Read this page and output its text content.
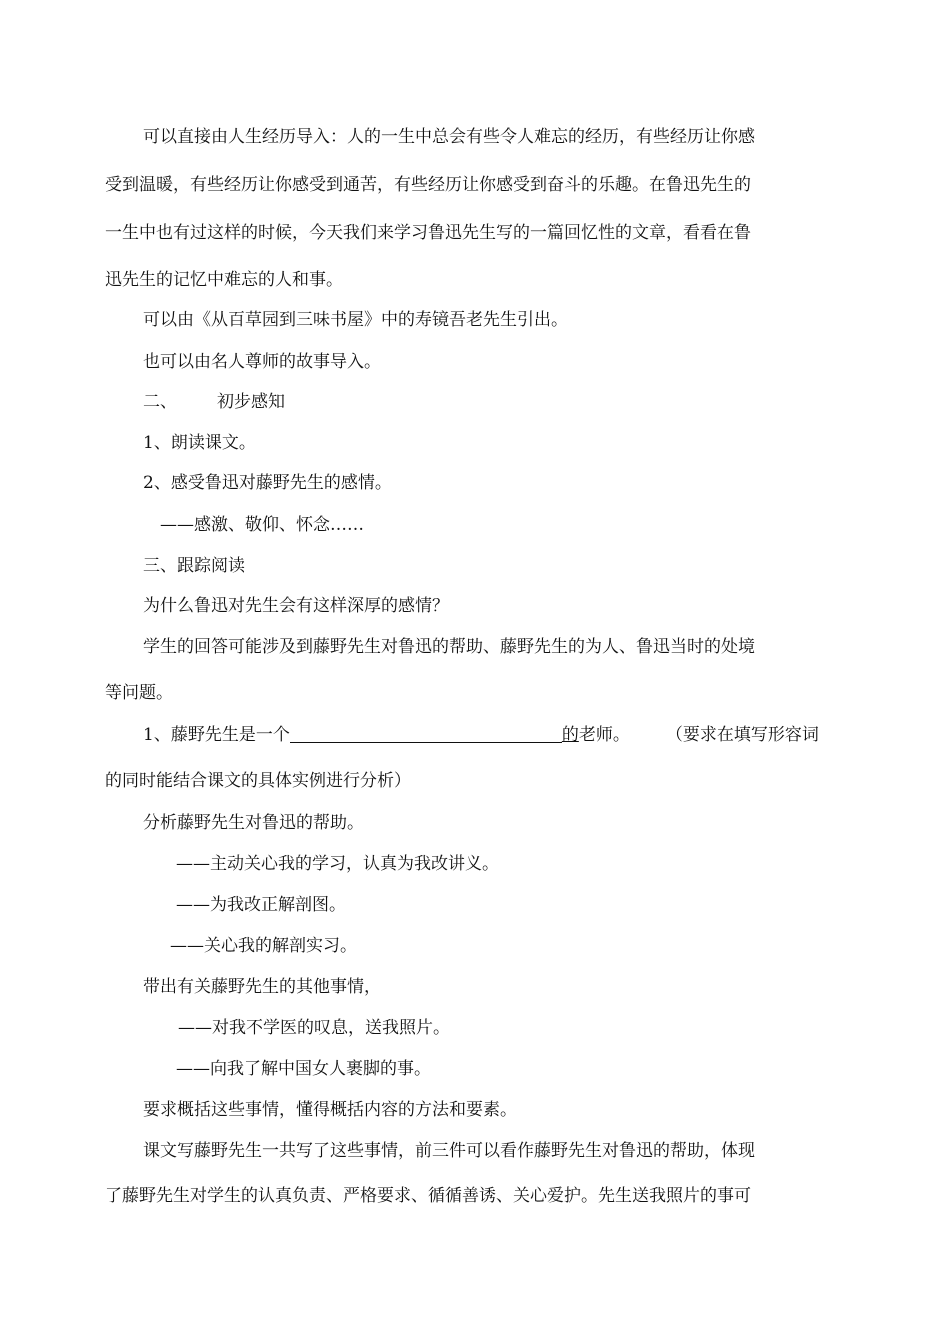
可以直接由人生经历导入：人的一生中总会有些令人难忘的经历，有些经历让你感
受到温暖，有些经历让你感受到通苦，有些经历让你感受到奋斗的乐趣。在鲁迅先生的
一生中也有过这样的时候，今天我们来学习鲁迅先生写的一篇回忆性的文章，看看在鲁
迅先生的记忆中难忘的人和事。
可以由《从百草园到三味书屋》中的寿镜吾老先生引出。
也可以由名人尊师的故事导入。
二、 初步感知
1、朗读课文。
2、感受鲁迅对藤野先生的感情。
——感激、敬仰、怀念……
三、跟踪阅读
为什么鲁迅对先生会有这样深厚的感情？
学生的回答可能涉及到藤野先生对鲁迅的帮助、藤野先生的为人、鲁迅当时的处境
等问题。
1、藤野先生是一个	的老师。 （要求在填写形容词
的同时能结合课文的具体实例进行分析）
分析藤野先生对鲁迅的帮助。
——主动关心我的学习，认真为我改讲义。
——为我改正解剖图。
——关心我的解剖实习。
带出有关藤野先生的其他事情，
——对我不学医的叹息，送我照片。
——向我了解中国女人裹脚的事。
要求概括这些事情，懂得概括内容的方法和要素。
课文写藤野先生一共写了这些事情，前三件可以看作藤野先生对鲁迅的帮助，体现
了藤野先生对学生的认真负责、严格要求、循循善诱、关心爱护。先生送我照片的事可
